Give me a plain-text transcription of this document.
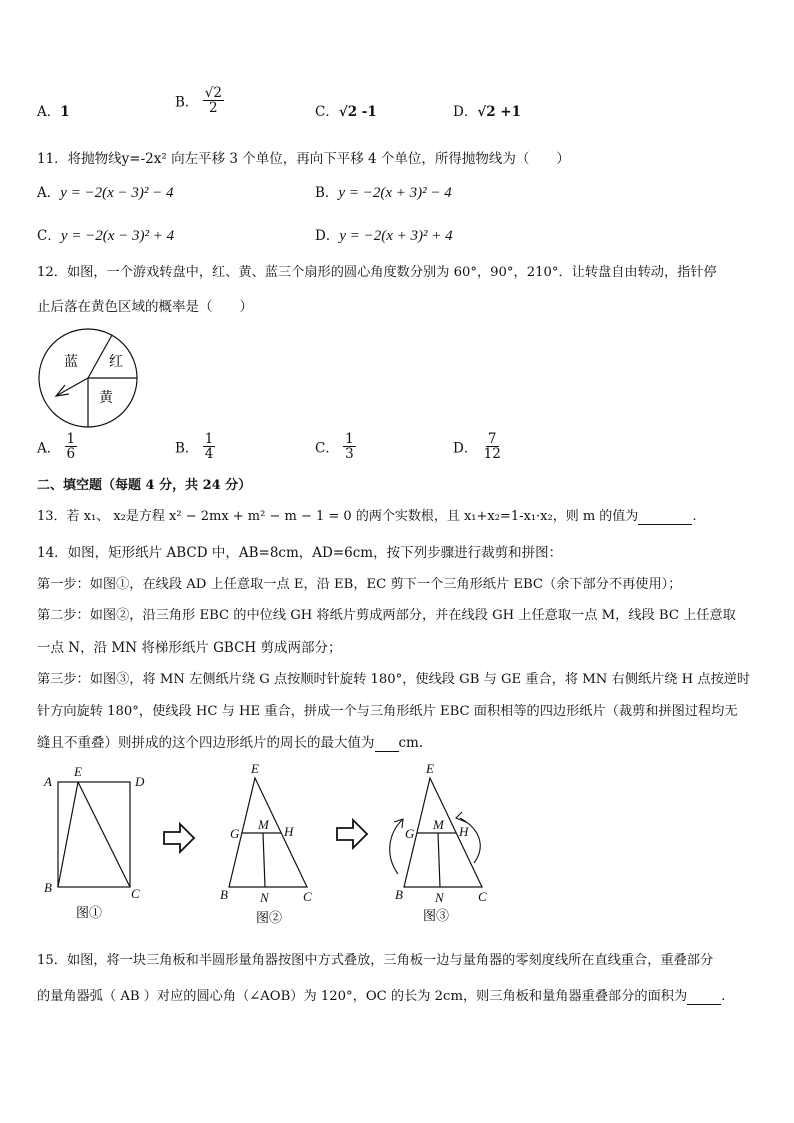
A．1
B． $\frac{√2}{2}$	C．√2 -1	D．√2 +1
11．将抛物线y=-2x² 向左平移 3 个单位，再向下平移 4 个单位，所得抛物线为（　　）
A．y = −2(x − 3)² − 4	B．y = −2(x + 3)² − 4
C．y = −2(x − 3)² + 4	D．y = −2(x + 3)² + 4
12．如图，一个游戏转盘中，红、黄、蓝三个扇形的圆心角度数分别为 60°，90°，210°．让转盘自由转动，指针停
止后落在黄色区域的概率是（　　）
蓝 红
黄
A． $\frac{1}{6}$	B． $\frac{1}{4}$	C． $\frac{1}{3}$	D． $\frac{7}{12}$
二、填空题（每题 4 分，共 24 分）
13．若 x₁、 x₂是方程 x² − 2mx + m² − m − 1 = 0 的两个实数根，且 x₁+x₂=1-x₁·x₂，则 m 的值为	.
14．如图，矩形纸片 ABCD 中，AB=8cm，AD=6cm，按下列步骤进行裁剪和拼图：
第一步：如图①，在线段 AD 上任意取一点 E，沿 EB，EC 剪下一个三角形纸片 EBC（余下部分不再使用）；
第二步：如图②，沿三角形 EBC 的中位线 GH 将纸片剪成两部分，并在线段 GH 上任意取一点 M，线段 BC 上任意取
一点 N，沿 MN 将梯形纸片 GBCH 剪成两部分；
第三步：如图③，将 MN 左侧纸片绕 G 点按顺时针旋转 180°，使线段 GB 与 GE 重合，将 MN 右侧纸片绕 H 点按逆时
针方向旋转 180°，使线段 HC 与 HE 重合，拼成一个与三角形纸片 EBC 面积相等的四边形纸片（裁剪和拼图过程均无
缝且不重叠）则拼成的这个四边形纸片的周长的最大值为 cm.
A
E
D
B	C
图①
E
G
M H
B N	C
图②
E
G
M H
B N	C
图③
15．如图，将一块三角板和半圆形量角器按图中方式叠放，三角板一边与量角器的零刻度线所在直线重合，重叠部分
的量角器弧（ AB ）对应的圆心角（∠AOB）为 120°，OC 的长为 2cm，则三角板和量角器重叠部分的面积为	.
